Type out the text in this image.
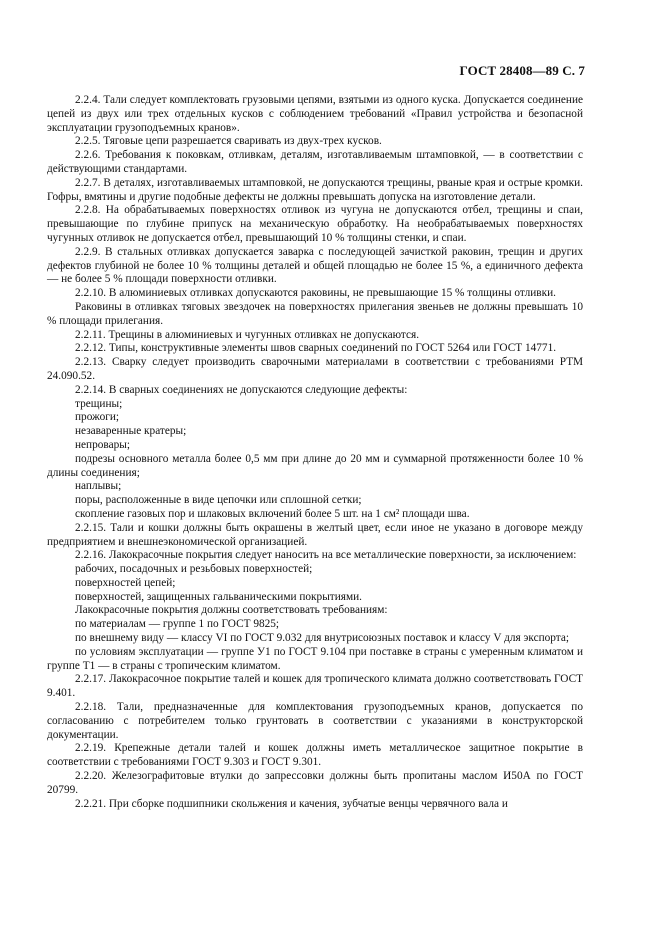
ГОСТ 28408—89 С. 7

2.2.4. Тали следует комплектовать грузовыми цепями, взятыми из одного куска. Допускается соединение цепей из двух или трех отдельных кусков с соблюдением требований «Правил устройства и безопасной эксплуатации грузоподъемных кранов».

2.2.5. Тяговые цепи разрешается сваривать из двух-трех кусков.

2.2.6. Требования к поковкам, отливкам, деталям, изготавливаемым штамповкой, — в соответствии с действующими стандартами.

2.2.7. В деталях, изготавливаемых штамповкой, не допускаются трещины, рваные края и острые кромки. Гофры, вмятины и другие подобные дефекты не должны превышать допуска на изготовление детали.

2.2.8. На обрабатываемых поверхностях отливок из чугуна не допускаются отбел, трещины и спаи, превышающие по глубине припуск на механическую обработку. На необрабатываемых поверхностях чугунных отливок не допускается отбел, превышающий 10 % толщины стенки, и спаи.

2.2.9. В стальных отливках допускается заварка с последующей зачисткой раковин, трещин и других дефектов глубиной не более 10 % толщины деталей и общей площадью не более 15 %, а единичного дефекта — не более 5 % площади поверхности отливки.

2.2.10. В алюминиевых отливках допускаются раковины, не превышающие 15 % толщины отливки.

Раковины в отливках тяговых звездочек на поверхностях прилегания звеньев не должны превышать 10 % площади прилегания.

2.2.11. Трещины в алюминиевых и чугунных отливках не допускаются.

2.2.12. Типы, конструктивные элементы швов сварных соединений по ГОСТ 5264 или ГОСТ 14771.

2.2.13. Сварку следует производить сварочными материалами в соответствии с требованиями РТМ 24.090.52.

2.2.14. В сварных соединениях не допускаются следующие дефекты:

трещины;

прожоги;

незаваренные кратеры;

непровары;

подрезы основного металла более 0,5 мм при длине до 20 мм и суммарной протяженности более 10 % длины соединения;

наплывы;

поры, расположенные в виде цепочки или сплошной сетки;

скопление газовых пор и шлаковых включений более 5 шт. на 1 см² площади шва.

2.2.15. Тали и кошки должны быть окрашены в желтый цвет, если иное не указано в договоре между предприятием и внешнеэкономической организацией.

2.2.16. Лакокрасочные покрытия следует наносить на все металлические поверхности, за исключением:

рабочих, посадочных и резьбовых поверхностей;

поверхностей цепей;

поверхностей, защищенных гальваническими покрытиями.

Лакокрасочные покрытия должны соответствовать требованиям:

по материалам — группе 1 по ГОСТ 9825;

по внешнему виду — классу VI по ГОСТ 9.032 для внутрисоюзных поставок и классу V для экспорта;

по условиям эксплуатации — группе У1 по ГОСТ 9.104 при поставке в страны с умеренным климатом и группе Т1 — в страны с тропическим климатом.

2.2.17. Лакокрасочное покрытие талей и кошек для тропического климата должно соответствовать ГОСТ 9.401.

2.2.18. Тали, предназначенные для комплектования грузоподъемных кранов, допускается по согласованию с потребителем только грунтовать в соответствии с указаниями в конструкторской документации.

2.2.19. Крепежные детали талей и кошек должны иметь металлическое защитное покрытие в соответствии с требованиями ГОСТ 9.303 и ГОСТ 9.301.

2.2.20. Железографитовые втулки до запрессовки должны быть пропитаны маслом И50А по ГОСТ 20799.

2.2.21. При сборке подшипники скольжения и качения, зубчатые венцы червячного вала и
